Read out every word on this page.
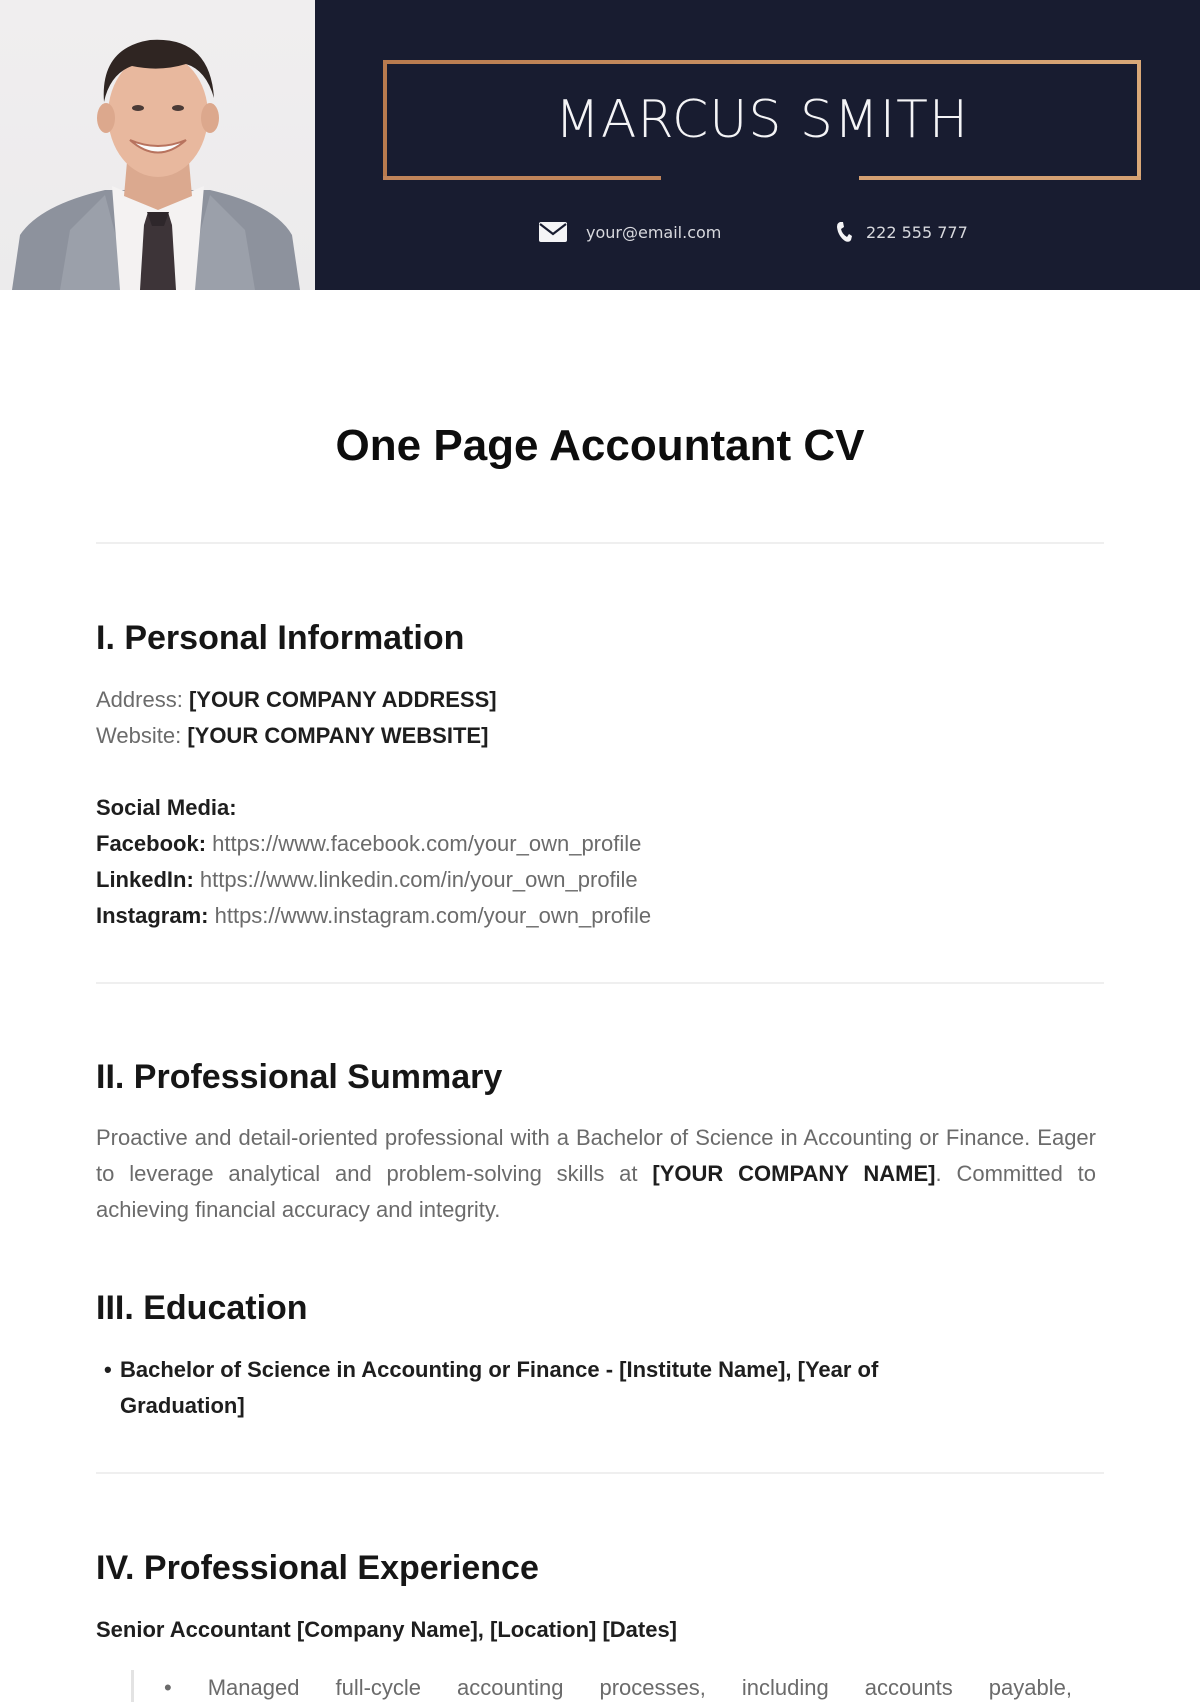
MARCUS SMITH
your@email.com	222 555 777
One Page Accountant CV
I. Personal Information
Address: [YOUR COMPANY ADDRESS]
Website: [YOUR COMPANY WEBSITE]
Social Media:
Facebook: https://www.facebook.com/your_own_profile
LinkedIn: https://www.linkedin.com/in/your_own_profile
Instagram: https://www.instagram.com/your_own_profile
II. Professional Summary
Proactive and detail-oriented professional with a Bachelor of Science in Accounting or Finance. Eager to leverage analytical and problem-solving skills at [YOUR COMPANY NAME]. Committed to achieving financial accuracy and integrity.
III. Education
• Bachelor of Science in Accounting or Finance - [Institute Name], [Year of Graduation]
IV. Professional Experience
Senior Accountant [Company Name], [Location] [Dates]
• Managed full-cycle accounting processes, including accounts payable,
